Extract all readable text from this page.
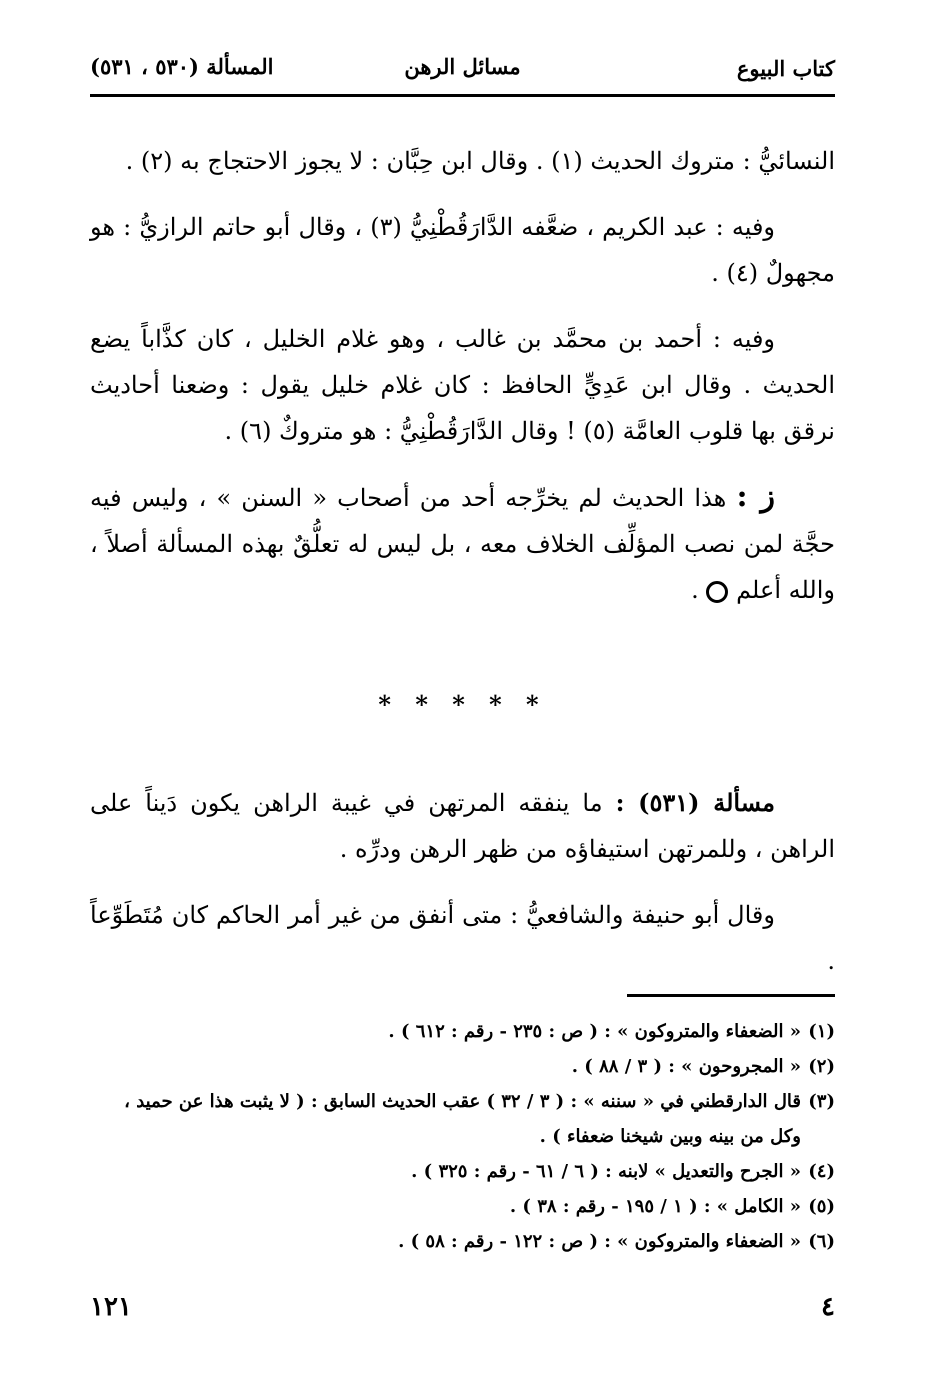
كتاب البيوع
مسائل الرهن
المسألة (٥٣٠ ، ٥٣١)

النسائيُّ : متروك الحديث (١) . وقال ابن حِبَّان : لا يجوز الاحتجاج به (٢) .

وفيه : عبد الكريم ، ضعَّفه الدَّارَقُطْنِيُّ (٣) ، وقال أبو حاتم الرازيُّ : هو مجهولٌ (٤) .

وفيه : أحمد بن محمَّد بن غالب ، وهو غلام الخليل ، كان كذَّاباً يضع الحديث . وقال ابن عَدِيٍّ الحافظ : كان غلام خليل يقول : وضعنا أحاديث نرقق بها قلوب العامَّة (٥) ! وقال الدَّارَقُطْنِيُّ : هو متروكٌ (٦) .

ز : هذا الحديث لم يخرِّجه أحد من أصحاب « السنن » ، وليس فيه حجَّة لمن نصب المؤلِّف الخلاف معه ، بل ليس له تعلُّقٌ بهذه المسألة أصلاً ، والله أعلم  .

* * * * *

مسألة (٥٣١) : ما ينفقه المرتهن في غيبة الراهن يكون دَيناً على الراهن ، وللمرتهن استيفاؤه من ظهر الرهن ودرِّه .

وقال أبو حنيفة والشافعيُّ : متى أنفق من غير أمر الحاكم كان مُتَطَوِّعاً .

(١)
« الضعفاء والمتروكون » : ( ص : ٢٣٥ - رقم : ٦١٢ ) .
(٢)
« المجروحون » : ( ٣ / ٨٨ ) .
(٣)
قال الدارقطني في « سننه » : ( ٣ / ٣٢ ) عقب الحديث السابق : ( لا يثبت هذا عن حميد ، وكل من بينه وبين شيخنا ضعفاء ) .
(٤)
« الجرح والتعديل » لابنه : ( ٦ / ٦١ - رقم : ٣٢٥ ) .
(٥)
« الكامل » : ( ١ / ١٩٥ - رقم : ٣٨ ) .
(٦)
« الضعفاء والمتروكون » : ( ص : ١٢٢ - رقم : ٥٨ ) .
٤
١٢١
